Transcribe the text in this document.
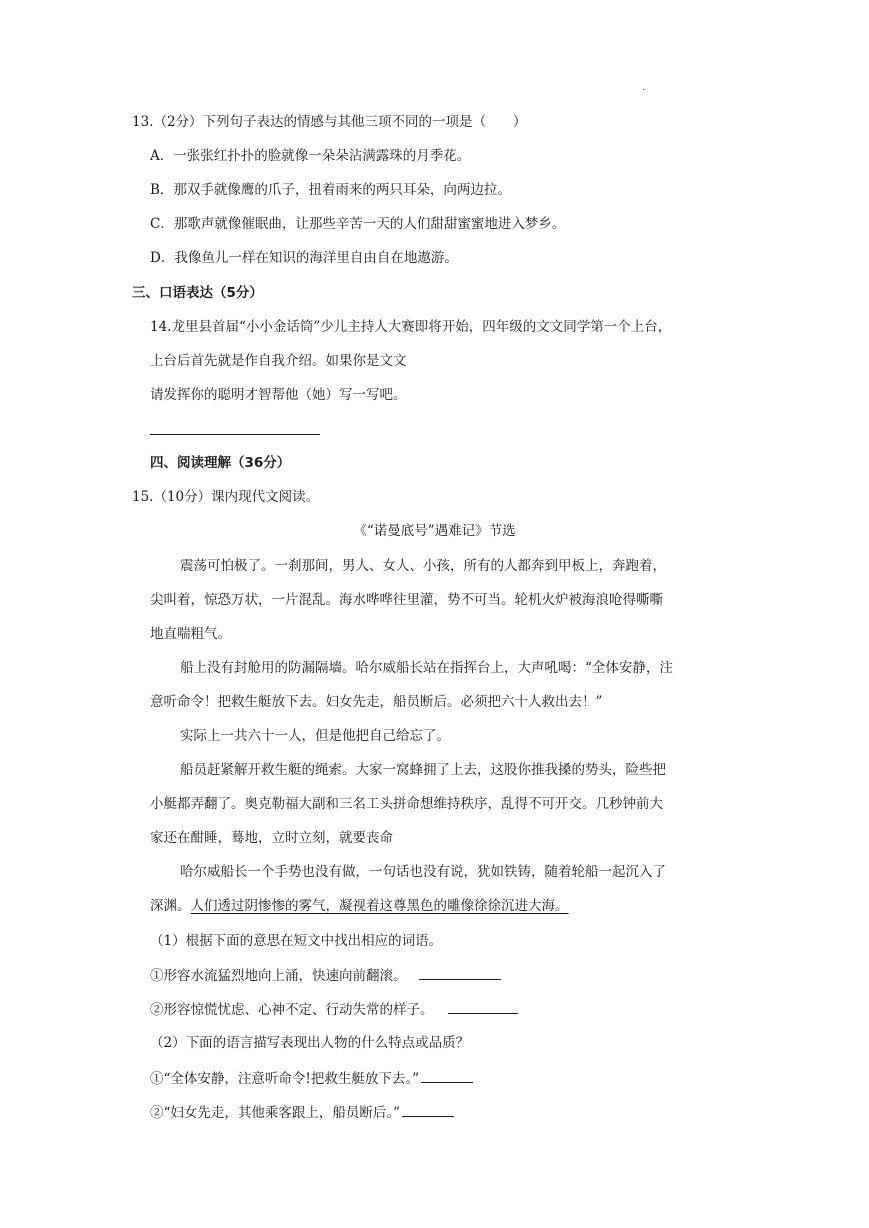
.
13.（2分）下列句子表达的情感与其他三项不同的一项是（　　）
A．一张张红扑扑的脸就像一朵朵沾满露珠的月季花。
B．那双手就像鹰的爪子，扭着雨来的两只耳朵，向两边拉。
C．那歌声就像催眠曲，让那些辛苦一天的人们甜甜蜜蜜地进入梦乡。
D．我像鱼儿一样在知识的海洋里自由自在地遨游。
三、口语表达（5分）
14.龙里县首届“小小金话筒”少儿主持人大赛即将开始，四年级的文文同学第一个上台，
上台后首先就是作自我介绍。如果你是文文
请发挥你的聪明才智帮他（她）写一写吧。
四、阅读理解（36分）
15.（10分）课内现代文阅读。
《“诺曼底号”遇难记》节选
震荡可怕极了。一刹那间，男人、女人、小孩，所有的人都奔到甲板上，奔跑着，
尖叫着，惊恐万状，一片混乱。海水哗哗往里灌，势不可当。轮机火炉被海浪呛得嘶嘶
地直喘粗气。
船上没有封舱用的防漏隔墙。哈尔威船长站在指挥台上，大声吼喝：“全体安静，注
意听命令！把救生艇放下去。妇女先走，船员断后。必须把六十人救出去！”
实际上一共六十一人，但是他把自己给忘了。
船员赶紧解开救生艇的绳索。大家一窝蜂拥了上去，这股你推我搡的势头，险些把
小艇都弄翻了。奥克勒福大副和三名工头拼命想维持秩序，乱得不可开交。几秒钟前大
家还在酣睡，蓦地，立时立刻，就要丧命
哈尔威船长一个手势也没有做，一句话也没有说，犹如铁铸，随着轮船一起沉入了
深渊。人们透过阴惨惨的雾气，凝视着这尊黑色的雕像徐徐沉进大海。
（1）根据下面的意思在短文中找出相应的词语。
①形容水流猛烈地向上涌，快速向前翻滚。
②形容惊慌忧虑、心神不定、行动失常的样子。
（2）下面的语言描写表现出人物的什么特点或品质？
①“全体安静，注意听命令!把救生艇放下去。”
②“妇女先走，其他乘客跟上，船员断后。”
